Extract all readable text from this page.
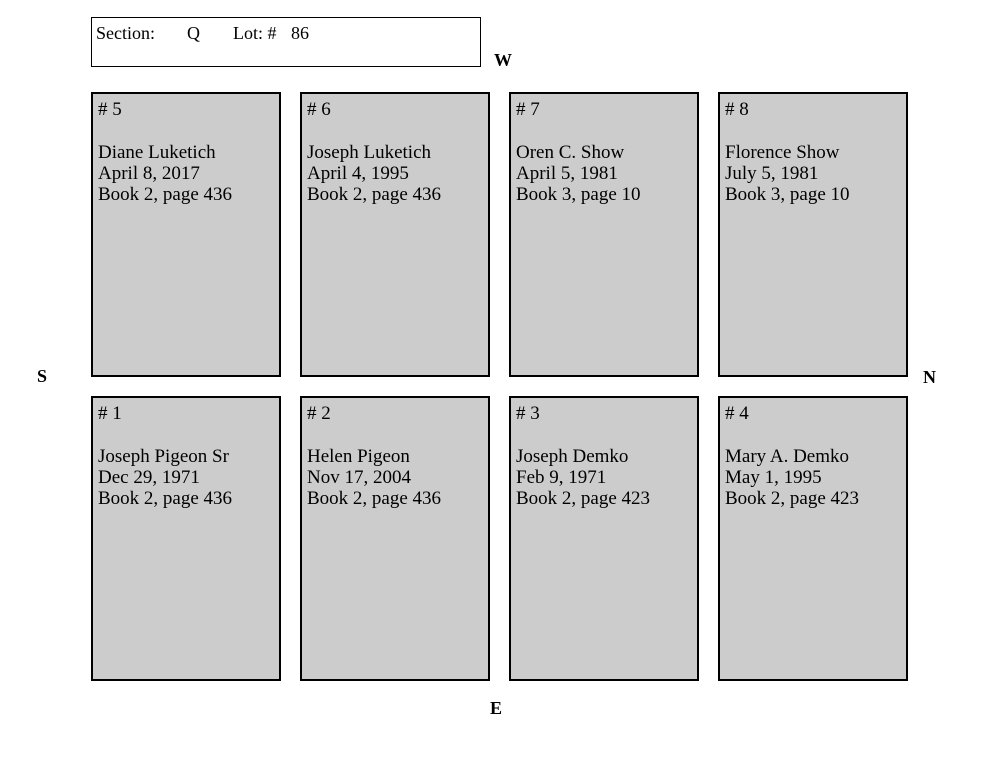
Section: Q Lot: # 86
W
E
S	N
# 5
Diane Luketich
April 8, 2017
Book 2, page 436
# 6
Joseph Luketich
April 4, 1995
Book 2, page 436
# 7
Oren C. Show
April 5, 1981
Book 3, page 10
# 8
Florence Show
July 5, 1981
Book 3, page 10
# 1
Joseph Pigeon Sr
Dec 29, 1971
Book 2, page 436
# 2
Helen Pigeon
Nov 17, 2004
Book 2, page 436
# 3
Joseph Demko
Feb 9, 1971
Book 2, page 423
# 4
Mary A. Demko
May 1, 1995
Book 2, page 423
